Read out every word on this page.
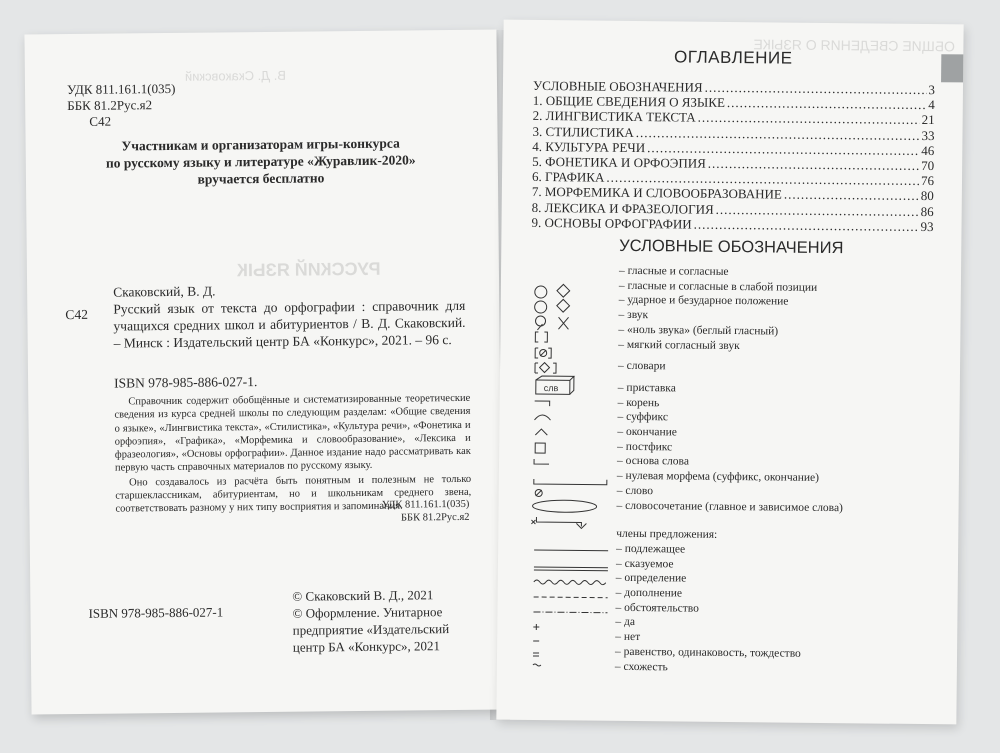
В. Д. Скаковский
РУССКИЙ ЯЗЫК
УДК 811.161.1(035)
ББК 81.2Рус.я2
С42
Участникам и организаторам игры-конкурса
по русскому языку и литературе «Журавлик-2020»
вручается бесплатно
Скаковский, В. Д.
С42 Русский язык от текста до орфографии : справочник для учащихся средних школ и абитуриентов / В. Д. Скаковский. – Минск : Издательский центр БА «Конкурс», 2021. – 96 с.
ISBN 978-985-886-027-1.

Справочник содержит обобщённые и систематизированные теоретические сведения из курса средней школы по следующим разделам: «Общие сведения о языке», «Лингвистика текста», «Стилистика», «Культура речи», «Фонетика и орфоэпия», «Графика», «Морфемика и словообразование», «Лексика и фразеология», «Основы орфографии». Данное издание надо рассматривать как первую часть справочных материалов по русскому языку.

Оно создавалось из расчёта быть понятным и полезным не только старшеклассникам, абитуриентам, но и школьникам среднего звена, соответствовать разному у них типу восприятия и запоминания.

УДК 811.161.1(035)
ББК 81.2Рус.я2
ISBN 978-985-886-027-1
© Скаковский В. Д., 2021
© Оформление. Унитарное
предприятие «Издательский
центр БА «Конкурс», 2021
ОБЩИЕ СВЕДЕНИЯ О ЯЗЫКЕ
ОГЛАВЛЕНИЕ
УСЛОВНЫЕ ОБОЗНАЧЕНИЯ .....	3
1. ОБЩИЕ СВЕДЕНИЯ О ЯЗЫКЕ .....	4
2. ЛИНГВИСТИКА ТЕКСТА .....	21
3. СТИЛИСТИКА .....	33
4. КУЛЬТУРА РЕЧИ .....	46
5. ФОНЕТИКА И ОРФОЭПИЯ .....	70
6. ГРАФИКА .....	76
7. МОРФЕМИКА И СЛОВООБРАЗОВАНИЕ .....	80
8. ЛЕКСИКА И ФРАЗЕОЛОГИЯ .....	86
9. ОСНОВЫ ОРФОГРАФИИ .....	93
УСЛОВНЫЕ ОБОЗНАЧЕНИЯ
слв
– гласные и согласные
– гласные и согласные в слабой позиции
– ударное и безударное положение
– звук
– «ноль звука» (беглый гласный)
– мягкий согласный звук
– словари
– приставка
– корень
– суффикс
– окончание
– постфикс
– основа слова
– нулевая морфема (суффикс, окончание)
– слово
– словосочетание (главное и зависимое слова)
члены предложения:
– подлежащее
– сказуемое
– определение
– дополнение
– обстоятельство
– да
– нет
– равенство, одинаковость, тождество
– схожесть
